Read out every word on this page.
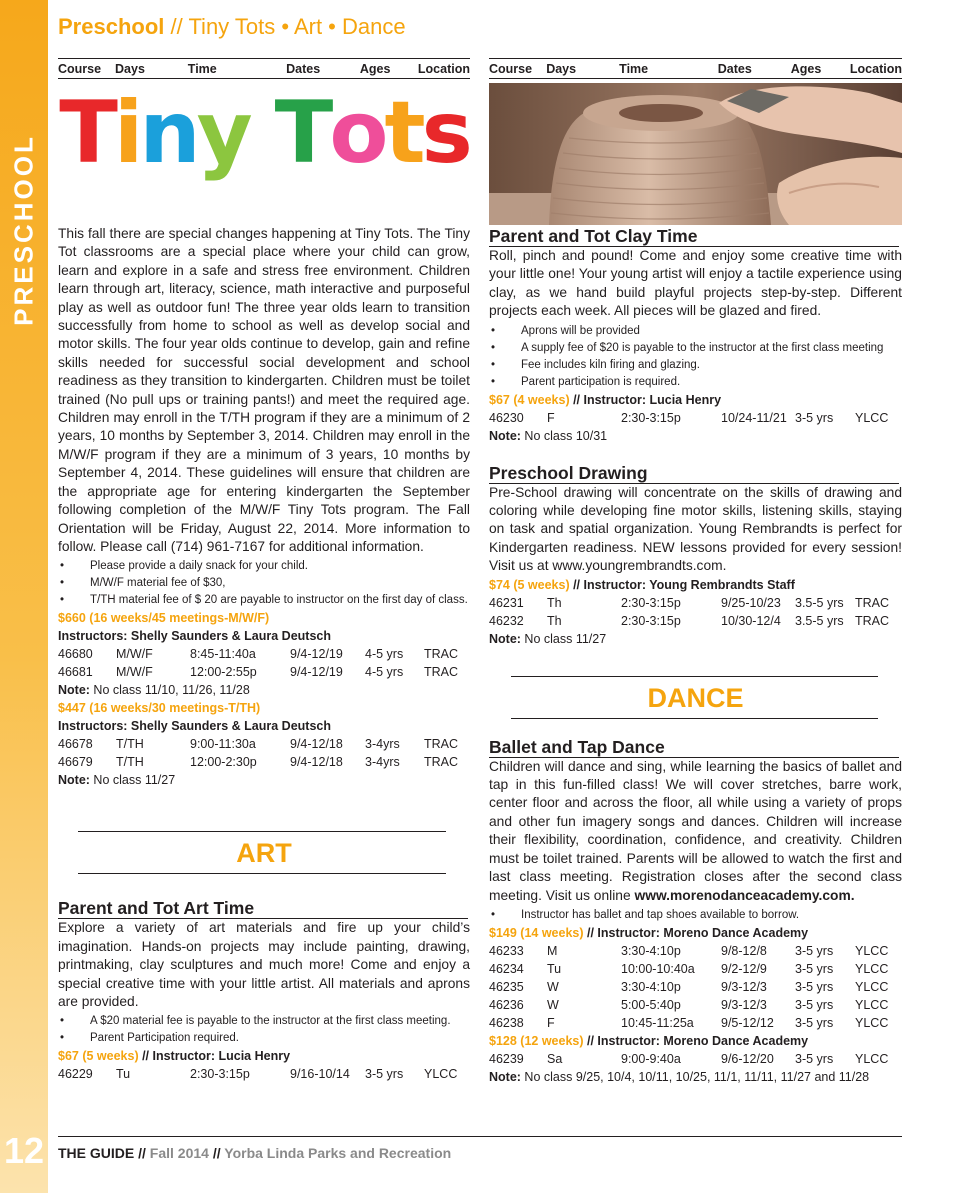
PRESCHOOL
12
Preschool // Tiny Tots • Art • Dance
Course	Days	Time	Dates	Ages	Location
T i n y T o t s

This fall there are special changes happening at Tiny Tots. The Tiny Tot classrooms are a special place where your child can grow, learn and explore in a safe and stress free environment. Children learn through art, literacy, science, math interactive and purposeful play as well as outdoor fun! The three year olds learn to transition successfully from home to school as well as develop social and motor skills. The four year olds continue to develop, gain and refine skills needed for successful social development and school readiness as they transition to kindergarten. Children must be toilet trained (No pull ups or training pants!) and meet the required age. Children may enroll in the T/TH program if they are a minimum of 2 years, 10 months by September 3, 2014. Children may enroll in the M/W/F program if they are a minimum of 3 years, 10 months by September 4, 2014. These guidelines will ensure that children are the appropriate age for entering kindergarten the September following completion of the M/W/F Tiny Tots program. The Fall Orientation will be Friday, August 22, 2014. More information to follow. Please call (714) 961-7167 for additional information.

• Please provide a daily snack for your child.
• M/W/F material fee of $30,
• T/TH material fee of $ 20 are payable to instructor on the first day of class.
$660 (16 weeks/45 meetings-M/W/F)
Instructors: Shelly Saunders & Laura Deutsch
46680	M/W/F	8:45-11:40a	9/4-12/19	4-5 yrs	TRAC
46681	M/W/F	12:00-2:55p	9/4-12/19	4-5 yrs	TRAC
Note: No class 11/10, 11/26, 11/28
$447 (16 weeks/30 meetings-T/TH)
Instructors: Shelly Saunders & Laura Deutsch
46678	T/TH	9:00-11:30a	9/4-12/18	3-4yrs	TRAC
46679	T/TH	12:00-2:30p	9/4-12/18	3-4yrs	TRAC
Note: No class 11/27
ART
Parent and Tot Art Time

Explore a variety of art materials and fire up your child’s imagination. Hands-on projects may include painting, drawing, printmaking, clay sculptures and much more! Come and enjoy a special creative time with your little artist. All materials and aprons are provided.

• A $20 material fee is payable to the instructor at the first class meeting.
• Parent Participation required.
$67 (5 weeks) // Instructor: Lucia Henry
46229	Tu	2:30-3:15p	9/16-10/14	3-5 yrs	YLCC
Course	Days	Time	Dates	Ages	Location
Parent and Tot Clay Time

Roll, pinch and pound! Come and enjoy some creative time with your little one! Your young artist will enjoy a tactile experience using clay, as we hand build playful projects step-by-step. Different projects each week. All pieces will be glazed and fired.

• Aprons will be provided
• A supply fee of $20 is payable to the instructor at the first class meeting
• Fee includes kiln firing and glazing.
• Parent participation is required.
$67 (4 weeks) // Instructor: Lucia Henry
46230	F	2:30-3:15p	10/24-11/21 3-5 yrs	YLCC
Note: No class 10/31
Preschool Drawing

Pre-School drawing will concentrate on the skills of drawing and coloring while developing fine motor skills, listening skills, staying on task and spatial organization. Young Rembrandts is perfect for Kindergarten readiness. NEW lessons provided for every session! Visit us at www.youngrembrandts.com.

$74 (5 weeks) // Instructor: Young Rembrandts Staff
46231	Th	2:30-3:15p	9/25-10/23	3.5-5 yrs TRAC
46232	Th	2:30-3:15p	10/30-12/4	3.5-5 yrs TRAC
Note: No class 11/27
DANCE
Ballet and Tap Dance

Children will dance and sing, while learning the basics of ballet and tap in this fun-filled class! We will cover stretches, barre work, center floor and across the floor, all while using a variety of props and other fun imagery songs and dances. Children will increase their flexibility, coordination, confidence, and creativity. Children must be toilet trained. Parents will be allowed to watch the first and last class meeting. Registration closes after the second class meeting. Visit us online www.morenodanceacademy.com.

• Instructor has ballet and tap shoes available to borrow.
$149 (14 weeks) // Instructor: Moreno Dance Academy
46233	M	3:30-4:10p	9/8-12/8	3-5 yrs	YLCC
46234	Tu	10:00-10:40a	9/2-12/9	3-5 yrs	YLCC
46235	W	3:30-4:10p	9/3-12/3	3-5 yrs	YLCC
46236	W	5:00-5:40p	9/3-12/3	3-5 yrs	YLCC
46238	F	10:45-11:25a	9/5-12/12	3-5 yrs	YLCC
$128 (12 weeks) // Instructor: Moreno Dance Academy
46239	Sa	9:00-9:40a	9/6-12/20	3-5 yrs	YLCC
Note: No class 9/25, 10/4, 10/11, 10/25, 11/1, 11/11, 11/27 and 11/28
THE GUIDE // Fall 2014 // Yorba Linda Parks and Recreation
